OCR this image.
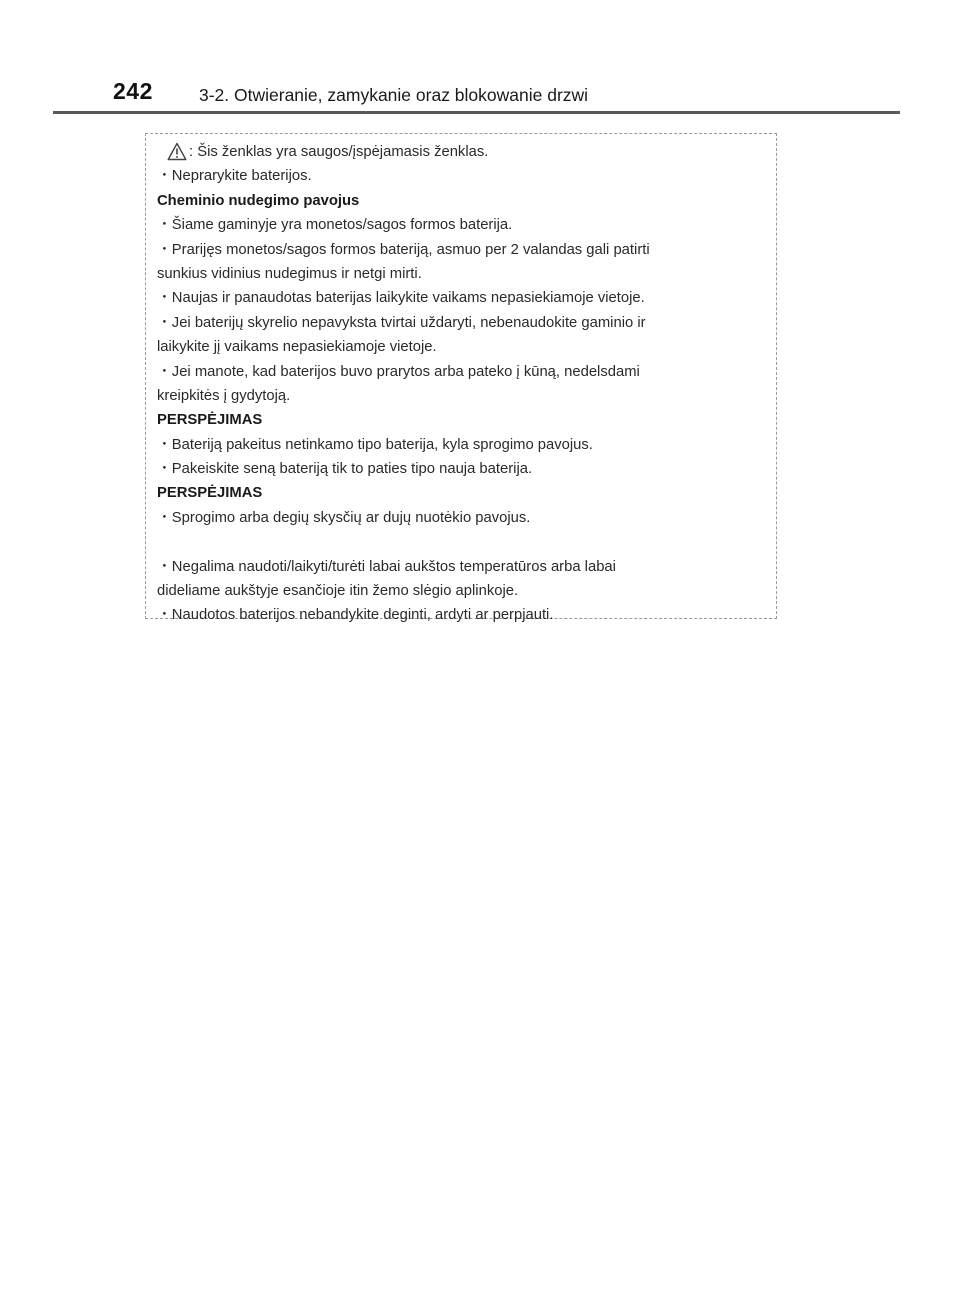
242	3-2. Otwieranie, zamykanie oraz blokowanie drzwi
: Šis ženklas yra saugos/įspėjamasis ženklas.
・Neprarykite baterijos.
Cheminio nudegimo pavojus
・Šiame gaminyje yra monetos/sagos formos baterija.
・Prarijęs monetos/sagos formos bateriją, asmuo per 2 valandas gali patirti
sunkius vidinius nudegimus ir netgi mirti.
・Naujas ir panaudotas baterijas laikykite vaikams nepasiekiamoje vietoje.
・Jei baterijų skyrelio nepavyksta tvirtai uždaryti, nebenaudokite gaminio ir
laikykite jį vaikams nepasiekiamoje vietoje.
・Jei manote, kad baterijos buvo prarytos arba pateko į kūną, nedelsdami
kreipkitės į gydytoją.
PERSPĖJIMAS
・Bateriją pakeitus netinkamo tipo baterija, kyla sprogimo pavojus.
・Pakeiskite seną bateriją tik to paties tipo nauja baterija.
PERSPĖJIMAS
・Sprogimo arba degių skysčių ar dujų nuotėkio pavojus.
・Negalima naudoti/laikyti/turėti labai aukštos temperatūros arba labai
dideliame aukštyje esančioje itin žemo slėgio aplinkoje.
・Naudotos baterijos nebandykite deginti, ardyti ar perpjauti.
